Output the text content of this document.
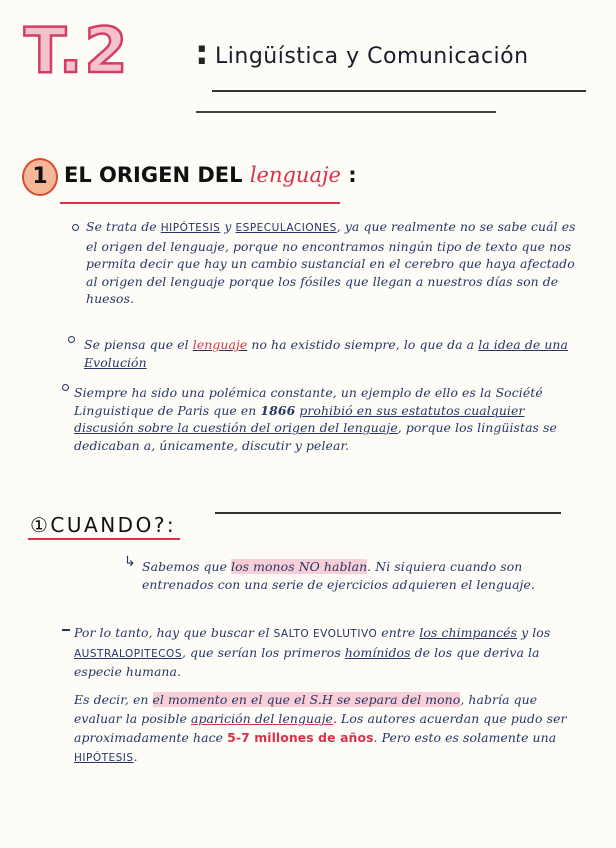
T.2 : Lingüística y Comunicación
1 EL ORIGEN DEL lenguaje :
Se trata de HIPÓTESIS y ESPECULACIONES, ya que realmente no se sabe cuál es el origen del lenguaje, porque no encontramos ningún tipo de texto que nos permita decir que hay un cambio sustancial en el cerebro que haya afectado al origen del lenguaje porque los fósiles que llegan a nuestros días son de huesos.
Se piensa que el lenguaje no ha existido siempre, lo que da a la idea de una Evolución
Siempre ha sido una polémica constante, un ejemplo de ello es la Société Linguistique de Paris que en 1866 prohibió en sus estatutos cualquier discusión sobre la cuestión del origen del lenguaje, porque los lingüistas se dedicaban a, únicamente, discutir y pelear.
①CUANDO?:
↳ Sabemos que los monos NO hablan. Ni siquiera cuando son entrenados con una serie de ejercicios adquieren el lenguaje.
Por lo tanto, hay que buscar el SALTO EVOLUTIVO entre los chimpancés y los AUSTRALOPITECOS, que serían los primeros homínidos de los que deriva la especie humana.
Es decir, en el momento en el que el S.H se separa del mono, habría que evaluar la posible aparición del lenguaje. Los autores acuerdan que pudo ser aproximadamente hace 5-7 millones de años. Pero esto es solamente una HIPÓTESIS.
